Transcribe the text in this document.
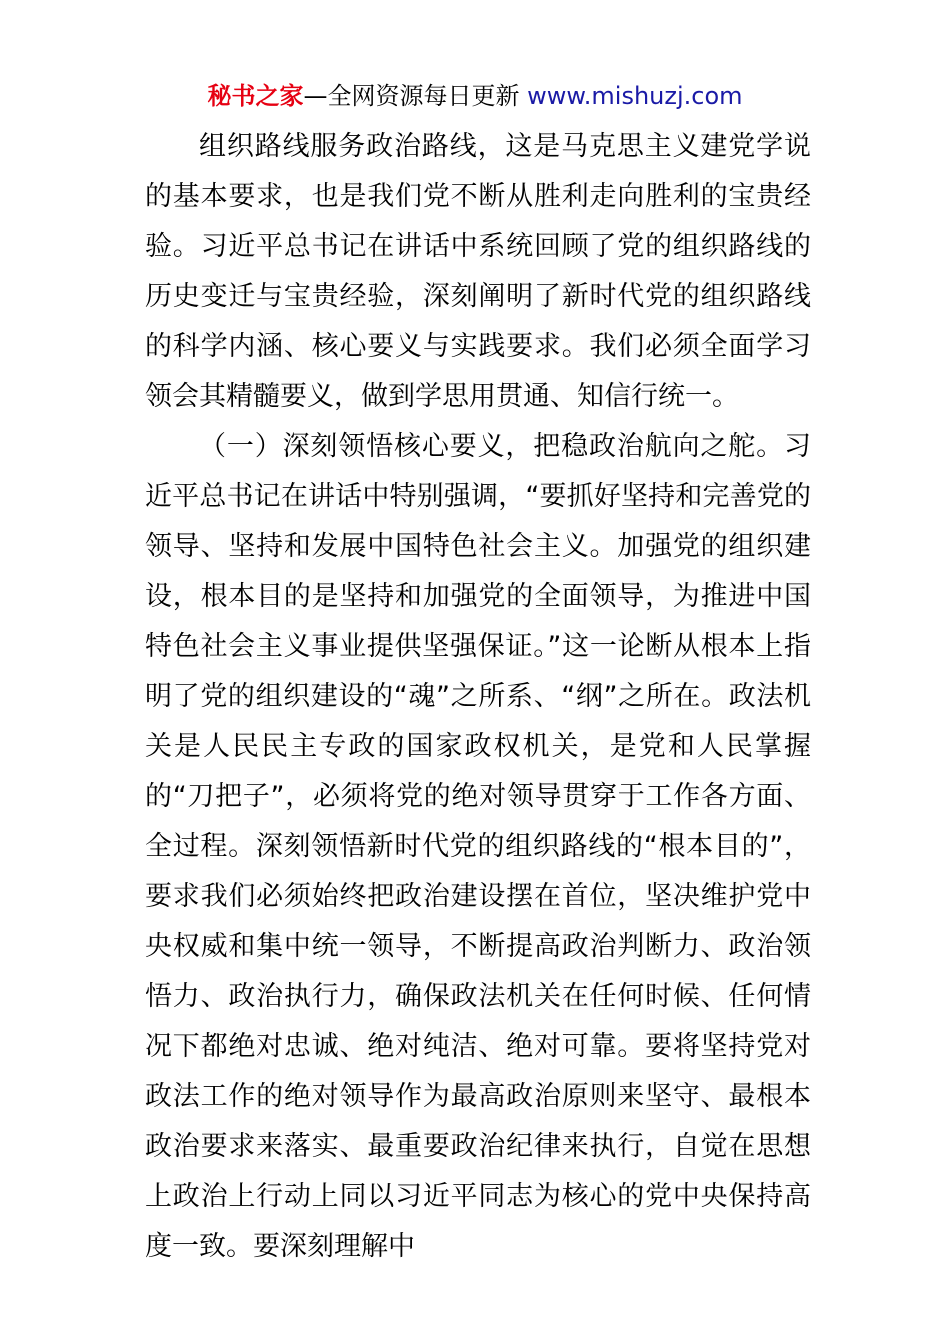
秘书之家—全网资源每日更新 www.mishuzj.com

组织路线服务政治路线，这是马克思主义建党学说的基本要求，也是我们党不断从胜利走向胜利的宝贵经验。习近平总书记在讲话中系统回顾了党的组织路线的历史变迁与宝贵经验，深刻阐明了新时代党的组织路线的科学内涵、核心要义与实践要求。我们必须全面学习领会其精髓要义，做到学思用贯通、知信行统一。

（一）深刻领悟核心要义，把稳政治航向之舵。习近平总书记在讲话中特别强调，“要抓好坚持和完善党的领导、坚持和发展中国特色社会主义。加强党的组织建设，根本目的是坚持和加强党的全面领导，为推进中国特色社会主义事业提供坚强保证。”这一论断从根本上指明了党的组织建设的“魂”之所系、“纲”之所在。政法机关是人民民主专政的国家政权机关，是党和人民掌握的“刀把子”，必须将党的绝对领导贯穿于工作各方面、全过程。深刻领悟新时代党的组织路线的“根本目的”，要求我们必须始终把政治建设摆在首位，坚决维护党中央权威和集中统一领导，不断提高政治判断力、政治领悟力、政治执行力，确保政法机关在任何时候、任何情况下都绝对忠诚、绝对纯洁、绝对可靠。要将坚持党对政法工作的绝对领导作为最高政治原则来坚守、最根本政治要求来落实、最重要政治纪律来执行，自觉在思想上政治上行动上同以习近平同志为核心的党中央保持高度一致。要深刻理解中
